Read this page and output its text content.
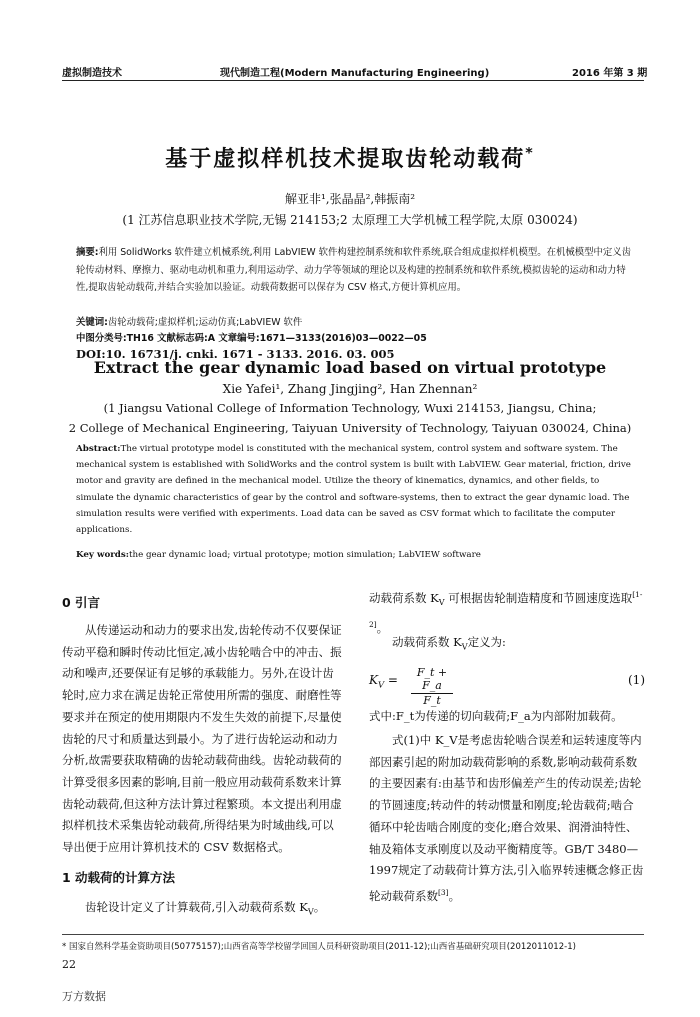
虚拟制造技术	现代制造工程(Modern Manufacturing Engineering)	2016 年第 3 期
基于虚拟样机技术提取齿轮动载荷*
解亚非¹,张晶晶²,韩振南²
(1 江苏信息职业技术学院,无锡 214153;2 太原理工大学机械工程学院,太原 030024)
摘要:利用 SolidWorks 软件建立机械系统,利用 LabVIEW 软件构建控制系统和软件系统,联合组成虚拟样机模型。在机械模型中定义齿轮传动材料、摩擦力、驱动电动机和重力,利用运动学、动力学等领域的理论以及构建的控制系统和软件系统,模拟齿轮的运动和动力特性,提取齿轮动载荷,并结合实验加以验证。动载荷数据可以保存为 CSV 格式,方便计算机应用。
关键词:齿轮动载荷;虚拟样机;运动仿真;LabVIEW 软件
中图分类号:TH16 文献标志码:A 文章编号:1671—3133(2016)03—0022—05
DOI:10. 16731/j. cnki. 1671 - 3133. 2016. 03. 005
Extract the gear dynamic load based on virtual prototype
Xie Yafei¹, Zhang Jingjing², Han Zhennan²
(1 Jiangsu Vational College of Information Technology, Wuxi 214153, Jiangsu, China;
2 College of Mechanical Engineering, Taiyuan University of Technology, Taiyuan 030024, China)
Abstract:The virtual prototype model is constituted with the mechanical system, control system and software system. The mechanical system is established with SolidWorks and the control system is built with LabVIEW. Gear material, friction, drive motor and gravity are defined in the mechanical model. Utilize the theory of kinematics, dynamics, and other fields, to simulate the dynamic characteristics of gear by the control and software-systems, then to extract the gear dynamic load. The simulation results were verified with experiments. Load data can be saved as CSV format which to facilitate the computer applications.
Key words:the gear dynamic load; virtual prototype; motion simulation; LabVIEW software
0 引言
从传递运动和动力的要求出发,齿轮传动不仅要保证传动平稳和瞬时传动比恒定,减小齿轮啮合中的冲击、振动和噪声,还要保证有足够的承载能力。另外,在设计齿轮时,应力求在满足齿轮正常使用所需的强度、耐磨性等要求并在预定的使用期限内不发生失效的前提下,尽量使齿轮的尺寸和质量达到最小。为了进行齿轮运动和动力分析,故需要获取精确的齿轮动载荷曲线。齿轮动载荷的计算受很多因素的影响,目前一般应用动载荷系数来计算齿轮动载荷,但这种方法计算过程繁琐。本文提出利用虚拟样机技术采集齿轮动载荷,所得结果为时域曲线,可以导出便于应用计算机技术的 CSV 数据格式。
1 动载荷的计算方法
齿轮设计定义了计算载荷,引入动载荷系数 $K_V$。
动载荷系数 $K_V$ 可根据齿轮制造精度和节圆速度选取[1-2]。
动载荷系数 $K_V$定义为:
$K_V = \frac{F\_t + F\_a}{F\_t}$	(1)
式中:F_t为传递的切向载荷;F_a为内部附加载荷。
式(1)中 K_V是考虑齿轮啮合误差和运转速度等内部因素引起的附加动载荷影响的系数,影响动载荷系数的主要因素有:由基节和齿形偏差产生的传动误差;齿轮的节圆速度;转动件的转动惯量和刚度;轮齿载荷;啮合循环中轮齿啮合刚度的变化;磨合效果、润滑油特性、轴及箱体支承刚度以及动平衡精度等。GB/T 3480—1997规定了动载荷计算方法,引入临界转速概念修正齿轮动载荷系数[3]。
* 国家自然科学基金资助项目(50775157);山西省高等学校留学回国人员科研资助项目(2011-12);山西省基础研究项目(2012011012-1)
22
万方数据
